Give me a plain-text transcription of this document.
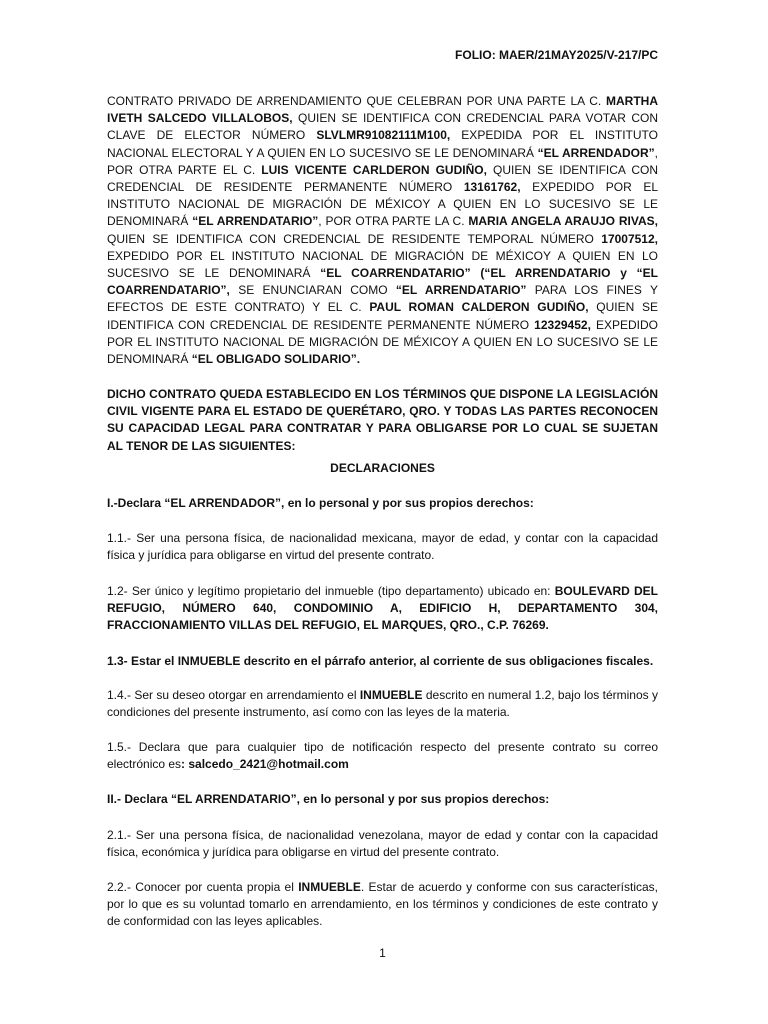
FOLIO: MAER/21MAY2025/V-217/PC

CONTRATO PRIVADO DE ARRENDAMIENTO QUE CELEBRAN POR UNA PARTE LA C. MARTHA IVETH SALCEDO VILLALOBOS, QUIEN SE IDENTIFICA CON CREDENCIAL PARA VOTAR CON CLAVE DE ELECTOR NÚMERO SLVLMR91082111M100, EXPEDIDA POR EL INSTITUTO NACIONAL ELECTORAL Y A QUIEN EN LO SUCESIVO SE LE DENOMINARÁ “EL ARRENDADOR”, POR OTRA PARTE EL C. LUIS VICENTE CARLDERON GUDIÑO, QUIEN SE IDENTIFICA CON CREDENCIAL DE RESIDENTE PERMANENTE NÚMERO 13161762, EXPEDIDO POR EL INSTITUTO NACIONAL DE MIGRACIÓN DE MÉXICOY A QUIEN EN LO SUCESIVO SE LE DENOMINARÁ “EL ARRENDATARIO”, POR OTRA PARTE LA C. MARIA ANGELA ARAUJO RIVAS, QUIEN SE IDENTIFICA CON CREDENCIAL DE RESIDENTE TEMPORAL NÚMERO 17007512, EXPEDIDO POR EL INSTITUTO NACIONAL DE MIGRACIÓN DE MÉXICOY A QUIEN EN LO SUCESIVO SE LE DENOMINARÁ “EL COARRENDATARIO” (“EL ARRENDATARIO y “EL COARRENDATARIO”, SE ENUNCIARAN COMO “EL ARRENDATARIO” PARA LOS FINES Y EFECTOS DE ESTE CONTRATO) Y EL C. PAUL ROMAN CALDERON GUDIÑO, QUIEN SE IDENTIFICA CON CREDENCIAL DE RESIDENTE PERMANENTE NÚMERO 12329452, EXPEDIDO POR EL INSTITUTO NACIONAL DE MIGRACIÓN DE MÉXICOY A QUIEN EN LO SUCESIVO SE LE DENOMINARÁ “EL OBLIGADO SOLIDARIO”.

DICHO CONTRATO QUEDA ESTABLECIDO EN LOS TÉRMINOS QUE DISPONE LA LEGISLACIÓN CIVIL VIGENTE PARA EL ESTADO DE QUERÉTARO, QRO. Y TODAS LAS PARTES RECONOCEN SU CAPACIDAD LEGAL PARA CONTRATAR Y PARA OBLIGARSE POR LO CUAL SE SUJETAN AL TENOR DE LAS SIGUIENTES:

DECLARACIONES

I.-Declara “EL ARRENDADOR”, en lo personal y por sus propios derechos:

1.1.- Ser una persona física, de nacionalidad mexicana, mayor de edad, y contar con la capacidad física y jurídica para obligarse en virtud del presente contrato.

1.2- Ser único y legítimo propietario del inmueble (tipo departamento) ubicado en: BOULEVARD DEL REFUGIO, NÚMERO 640, CONDOMINIO A, EDIFICIO H, DEPARTAMENTO 304, FRACCIONAMIENTO VILLAS DEL REFUGIO, EL MARQUES, QRO., C.P. 76269.

1.3- Estar el INMUEBLE descrito en el párrafo anterior, al corriente de sus obligaciones fiscales.

1.4.- Ser su deseo otorgar en arrendamiento el INMUEBLE descrito en numeral 1.2, bajo los términos y condiciones del presente instrumento, así como con las leyes de la materia.

1.5.- Declara que para cualquier tipo de notificación respecto del presente contrato su correo electrónico es: salcedo_2421@hotmail.com

II.- Declara “EL ARRENDATARIO”, en lo personal y por sus propios derechos:

2.1.- Ser una persona física, de nacionalidad venezolana, mayor de edad y contar con la capacidad física, económica y jurídica para obligarse en virtud del presente contrato.

2.2.- Conocer por cuenta propia el INMUEBLE. Estar de acuerdo y conforme con sus características, por lo que es su voluntad tomarlo en arrendamiento, en los términos y condiciones de este contrato y de conformidad con las leyes aplicables.

1
